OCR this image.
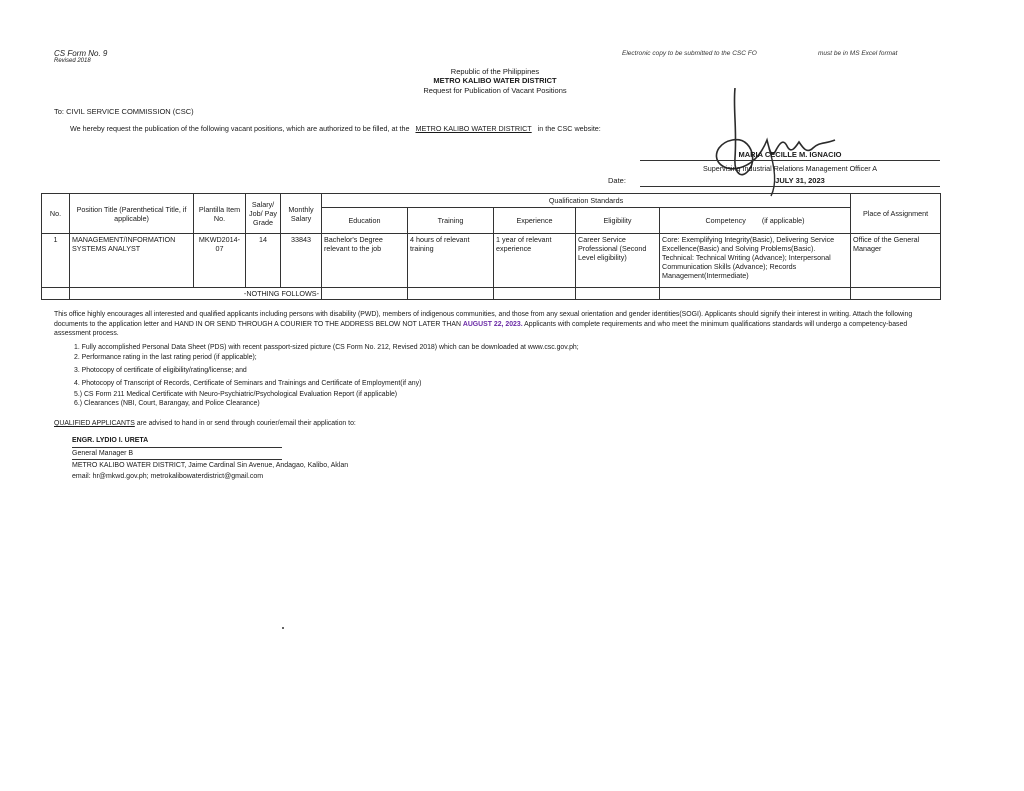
CS Form No. 9
Revised 2018
Electronic copy to be submitted to the CSC FO	must be in MS Excel format
Republic of the Philippines
METRO KALIBO WATER DISTRICT
Request for Publication of Vacant Positions
To: CIVIL SERVICE COMMISSION (CSC)
We hereby request the publication of the following vacant positions, which are authorized to be filled, at the METRO KALIBO WATER DISTRICT in the CSC website:
MARIA CECILLE M. IGNACIO
Supervising Industrial Relations Management Officer A
Date:	JULY 31, 2023
No.	Position Title (Parenthetical Title, if applicable)	Plantilla Item No.	Salary/ Job/ Pay Grade	Monthly Salary	Qualification Standards					Place of Assignment
					Education	Training	Experience	Eligibility	Competency (if applicable)	
1	MANAGEMENT/INFORMATION SYSTEMS ANALYST	MKWD2014-07	14	33843	Bachelor's Degree relevant to the job	4 hours of relevant training	1 year of relevant experience	Career Service Professional (Second Level eligibility)	Core: Exemplifying Integrity(Basic), Delivering Service Excellence(Basic) and Solving Problems(Basic). Technical: Technical Writing (Advance); Interpersonal Communication Skills (Advance); Records Management(Intermediate)	Office of the General Manager
	-NOTHING FOLLOWS-									
This office highly encourages all interested and qualified applicants including persons with disability (PWD), members of indigenous communities, and those from any sexual orientation and gender identities(SOGI). Applicants should signify their interest in writing. Attach the following documents to the application letter and HAND IN OR SEND THROUGH A COURIER TO THE ADDRESS BELOW NOT LATER THAN AUGUST 22, 2023. Applicants with complete requirements and who meet the minimum qualifications standards will undergo a competency-based assessment process.
1. Fully accomplished Personal Data Sheet (PDS) with recent passport-sized picture (CS Form No. 212, Revised 2018) which can be downloaded at www.csc.gov.ph;
2. Performance rating in the last rating period (if applicable);
3. Photocopy of certificate of eligibility/rating/license; and
4. Photocopy of Transcript of Records, Certificate of Seminars and Trainings and Certificate of Employment(if any)
5.) CS Form 211 Medical Certificate with Neuro-Psychiatric/Psychological Evaluation Report (if applicable)
6.) Clearances (NBI, Court, Barangay, and Police Clearance)
QUALIFIED APPLICANTS are advised to hand in or send through courier/email their application to:
ENGR. LYDIO I. URETA
General Manager B
METRO KALIBO WATER DISTRICT, Jaime Cardinal Sin Avenue, Andagao, Kalibo, Aklan
email: hr@mkwd.gov.ph; metrokalibowaterdistrict@gmail.com
